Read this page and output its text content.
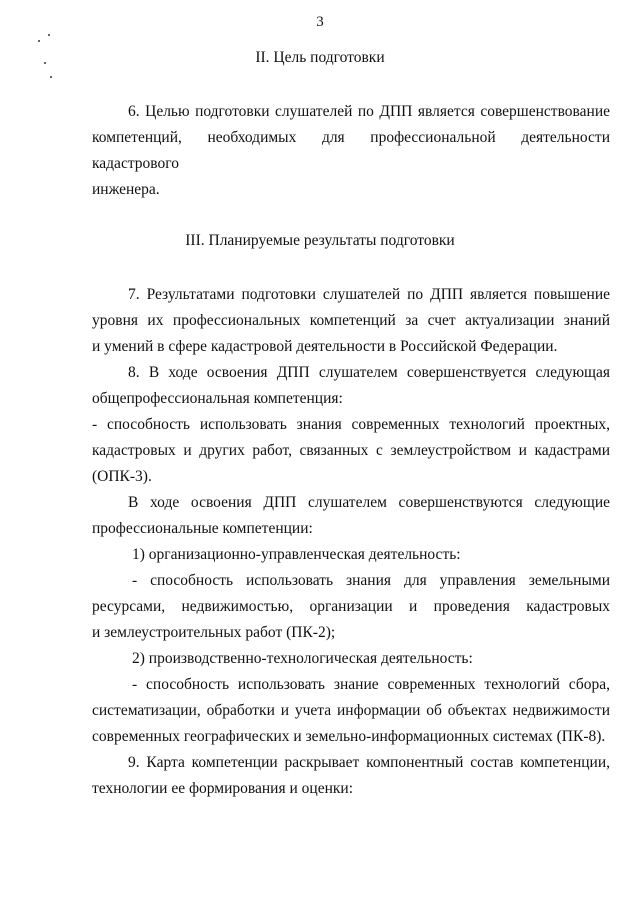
3
II. Цель подготовки
6. Целью подготовки слушателей по ДПП является совершенствование
компетенций, необходимых для профессиональной деятельности кадастрового
инженера.
III. Планируемые результаты подготовки
7. Результатами подготовки слушателей по ДПП является повышение
уровня их профессиональных компетенций за счет актуализации знаний
и умений в сфере кадастровой деятельности в Российской Федерации.
8. В ходе освоения ДПП слушателем совершенствуется следующая
общепрофессиональная компетенция:
- способность использовать знания современных технологий проектных,
кадастровых и других работ, связанных с землеустройством и кадастрами
(ОПК-3).
В ходе освоения ДПП слушателем совершенствуются следующие
профессиональные компетенции:
1) организационно-управленческая деятельность:
- способность использовать знания для управления земельными
ресурсами, недвижимостью, организации и проведения кадастровых
и землеустроительных работ (ПК-2);
2) производственно-технологическая деятельность:
- способность использовать знание современных технологий сбора,
систематизации, обработки и учета информации об объектах недвижимости
современных географических и земельно-информационных системах (ПК-8).
9. Карта компетенции раскрывает компонентный состав компетенции,
технологии ее формирования и оценки:
